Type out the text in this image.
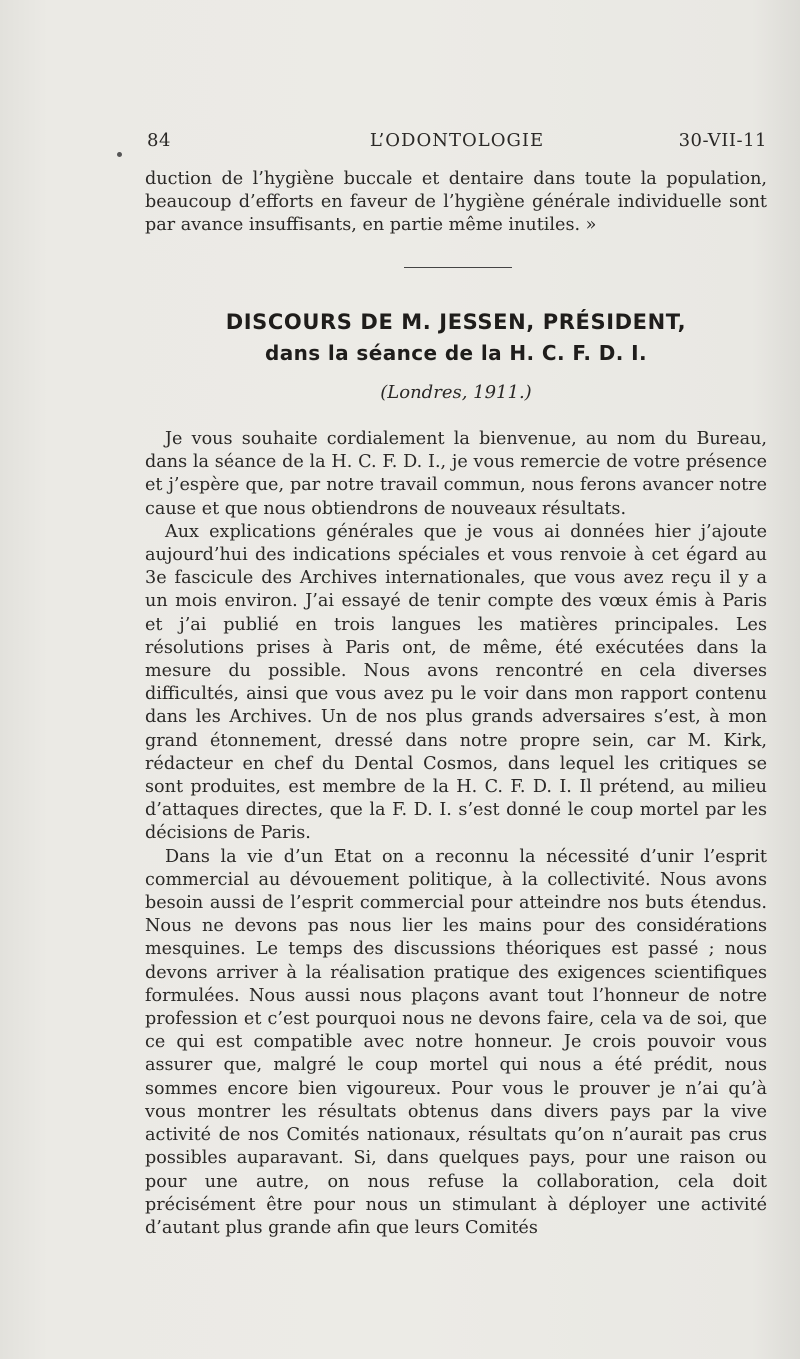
84	L’ODONTOLOGIE	30-VII-11

duction de l’hygiène buccale et dentaire dans toute la population, beaucoup d’efforts en faveur de l’hygiène générale individuelle sont par avance insuffisants, en partie même inutiles. »

DISCOURS DE M. JESSEN, PRÉSIDENT,
dans la séance de la H. C. F. D. I.
(Londres, 1911.)

Je vous souhaite cordialement la bienvenue, au nom du Bureau, dans la séance de la H. C. F. D. I., je vous remercie de votre présence et j’espère que, par notre travail commun, nous ferons avancer notre cause et que nous obtiendrons de nouveaux résultats.

Aux explications générales que je vous ai données hier j’ajoute aujourd’hui des indications spéciales et vous renvoie à cet égard au 3e fascicule des Archives internationales, que vous avez reçu il y a un mois environ. J’ai essayé de tenir compte des vœux émis à Paris et j’ai publié en trois langues les matières principales. Les résolutions prises à Paris ont, de même, été exécutées dans la mesure du possible. Nous avons rencontré en cela diverses difficultés, ainsi que vous avez pu le voir dans mon rapport contenu dans les Archives. Un de nos plus grands adversaires s’est, à mon grand étonnement, dressé dans notre propre sein, car M. Kirk, rédacteur en chef du Dental Cosmos, dans lequel les critiques se sont produites, est membre de la H. C. F. D. I. Il prétend, au milieu d’attaques directes, que la F. D. I. s’est donné le coup mortel par les décisions de Paris.

Dans la vie d’un Etat on a reconnu la nécessité d’unir l’esprit commercial au dévouement politique, à la collectivité. Nous avons besoin aussi de l’esprit commercial pour atteindre nos buts étendus. Nous ne devons pas nous lier les mains pour des considérations mesquines. Le temps des discussions théoriques est passé ; nous devons arriver à la réalisation pratique des exigences scientifiques formulées. Nous aussi nous plaçons avant tout l’honneur de notre profession et c’est pourquoi nous ne devons faire, cela va de soi, que ce qui est compatible avec notre honneur. Je crois pouvoir vous assurer que, malgré le coup mortel qui nous a été prédit, nous sommes encore bien vigoureux. Pour vous le prouver je n’ai qu’à vous montrer les résultats obtenus dans divers pays par la vive activité de nos Comités nationaux, résultats qu’on n’aurait pas crus possibles auparavant. Si, dans quelques pays, pour une raison ou pour une autre, on nous refuse la collaboration, cela doit précisément être pour nous un stimulant à déployer une activité d’autant plus grande afin que leurs Comités
